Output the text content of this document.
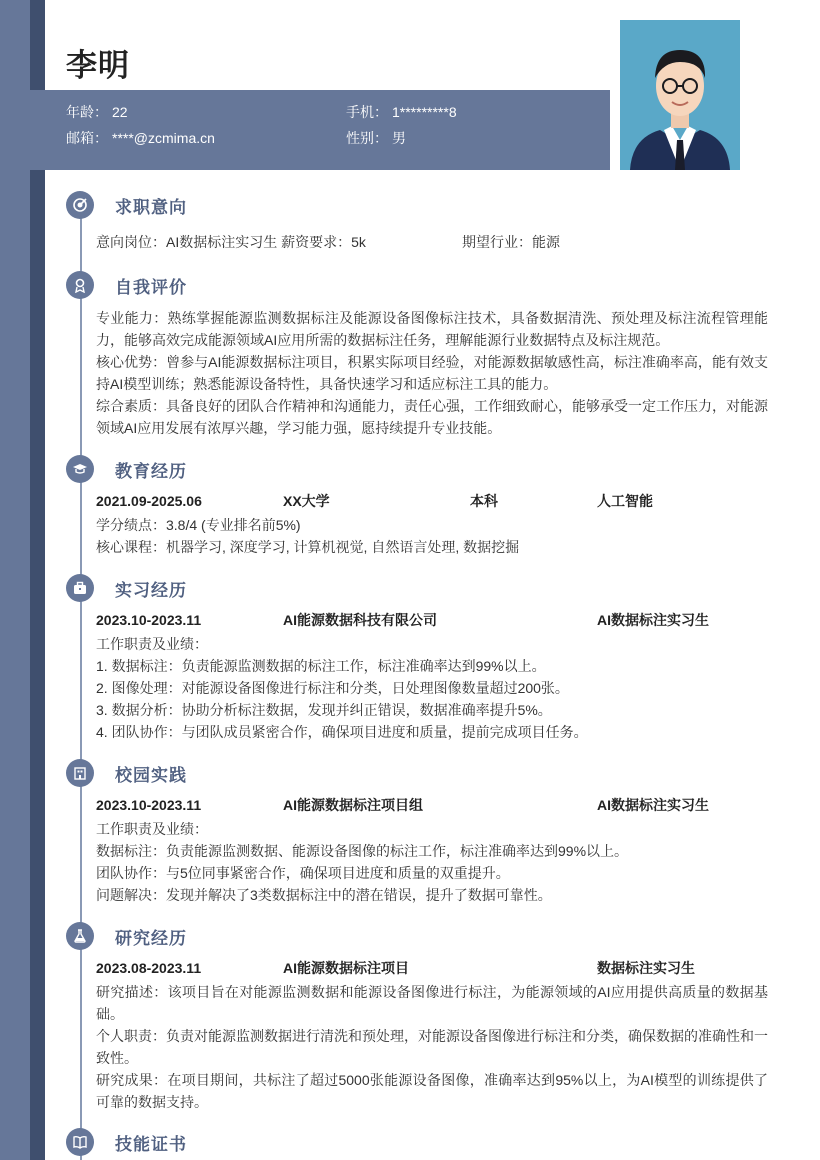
李明
年龄： 22	手机： 1*********8
邮箱： ****@zcmima.cn	性别： 男
求职意向
意向岗位：AI数据标注实习生 薪资要求：5k	期望行业：能源
自我评价
专业能力：熟练掌握能源监测数据标注及能源设备图像标注技术，具备数据清洗、预处理及标注流程管理能力，能够高效完成能源领域AI应用所需的数据标注任务，理解能源行业数据特点及标注规范。
核心优势：曾参与AI能源数据标注项目，积累实际项目经验，对能源数据敏感性高，标注准确率高，能有效支持AI模型训练；熟悉能源设备特性，具备快速学习和适应标注工具的能力。
综合素质：具备良好的团队合作精神和沟通能力，责任心强，工作细致耐心，能够承受一定工作压力，对能源领域AI应用发展有浓厚兴趣，学习能力强，愿持续提升专业技能。
教育经历
2021.09-2025.06	XX大学	本科	人工智能
学分绩点：3.8/4 (专业排名前5%)
核心课程：机器学习, 深度学习, 计算机视觉, 自然语言处理, 数据挖掘
实习经历
2023.10-2023.11	AI能源数据科技有限公司	AI数据标注实习生
工作职责及业绩：
1. 数据标注：负责能源监测数据的标注工作，标注准确率达到99%以上。
2. 图像处理：对能源设备图像进行标注和分类，日处理图像数量超过200张。
3. 数据分析：协助分析标注数据，发现并纠正错误，数据准确率提升5%。
4. 团队协作：与团队成员紧密合作，确保项目进度和质量，提前完成项目任务。
校园实践
2023.10-2023.11	AI能源数据标注项目组	AI数据标注实习生
工作职责及业绩：
数据标注：负责能源监测数据、能源设备图像的标注工作，标注准确率达到99%以上。
团队协作：与5位同事紧密合作，确保项目进度和质量的双重提升。
问题解决：发现并解决了3类数据标注中的潜在错误，提升了数据可靠性。
研究经历
2023.08-2023.11	AI能源数据标注项目	数据标注实习生
研究描述：该项目旨在对能源监测数据和能源设备图像进行标注，为能源领域的AI应用提供高质量的数据基础。
个人职责：负责对能源监测数据进行清洗和预处理，对能源设备图像进行标注和分类，确保数据的准确性和一致性。
研究成果：在项目期间，共标注了超过5000张能源设备图像，准确率达到95%以上，为AI模型的训练提供了可靠的数据支持。
技能证书
